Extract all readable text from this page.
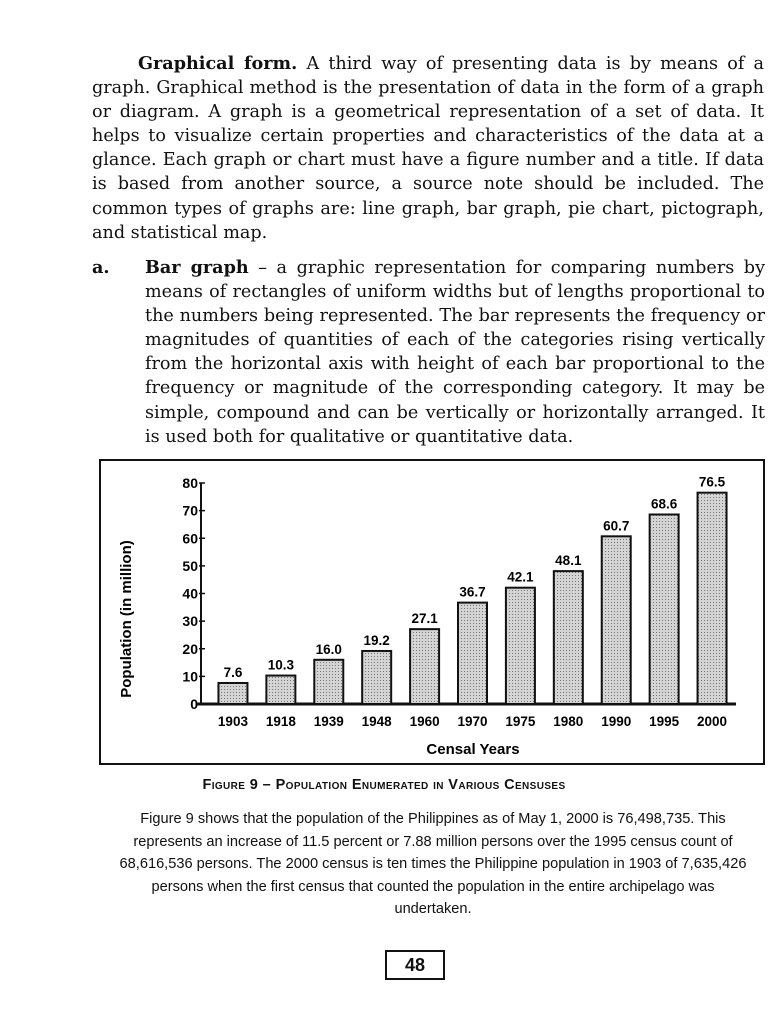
Graphical form. A third way of presenting data is by means of a graph. Graphical method is the presentation of data in the form of a graph or diagram. A graph is a geometrical representation of a set of data. It helps to visualize certain properties and characteristics of the data at a glance. Each graph or chart must have a figure number and a title. If data is based from another source, a source note should be included. The common types of graphs are: line graph, bar graph, pie chart, pictograph, and statistical map.

a. Bar graph – a graphic representation for comparing numbers by means of rectangles of uniform widths but of lengths proportional to the numbers being represented. The bar represents the frequency or magnitudes of quantities of each of the categories rising vertically from the horizontal axis with height of each bar proportional to the frequency or magnitude of the corresponding category. It may be simple, compound and can be vertically or horizontally arranged. It is used both for qualitative or quantitative data.

Population (in million)
Censal Years
0
10
20
30
40
50
60
70
80
7.6
1903
10.3
1918
16.0
1939
19.2
1948
27.1
1960
36.7
1970
42.1
1975
48.1
1980
60.7
1990
68.6
1995
76.5
2000
Figure 9 – Population Enumerated in Various Censuses

Figure 9 shows that the population of the Philippines as of May 1, 2000 is 76,498,735. This represents an increase of 11.5 percent or 7.88 million persons over the 1995 census count of 68,616,536 persons. The 2000 census is ten times the Philippine population in 1903 of 7,635,426 persons when the first census that counted the population in the entire archipelago was undertaken.

48
